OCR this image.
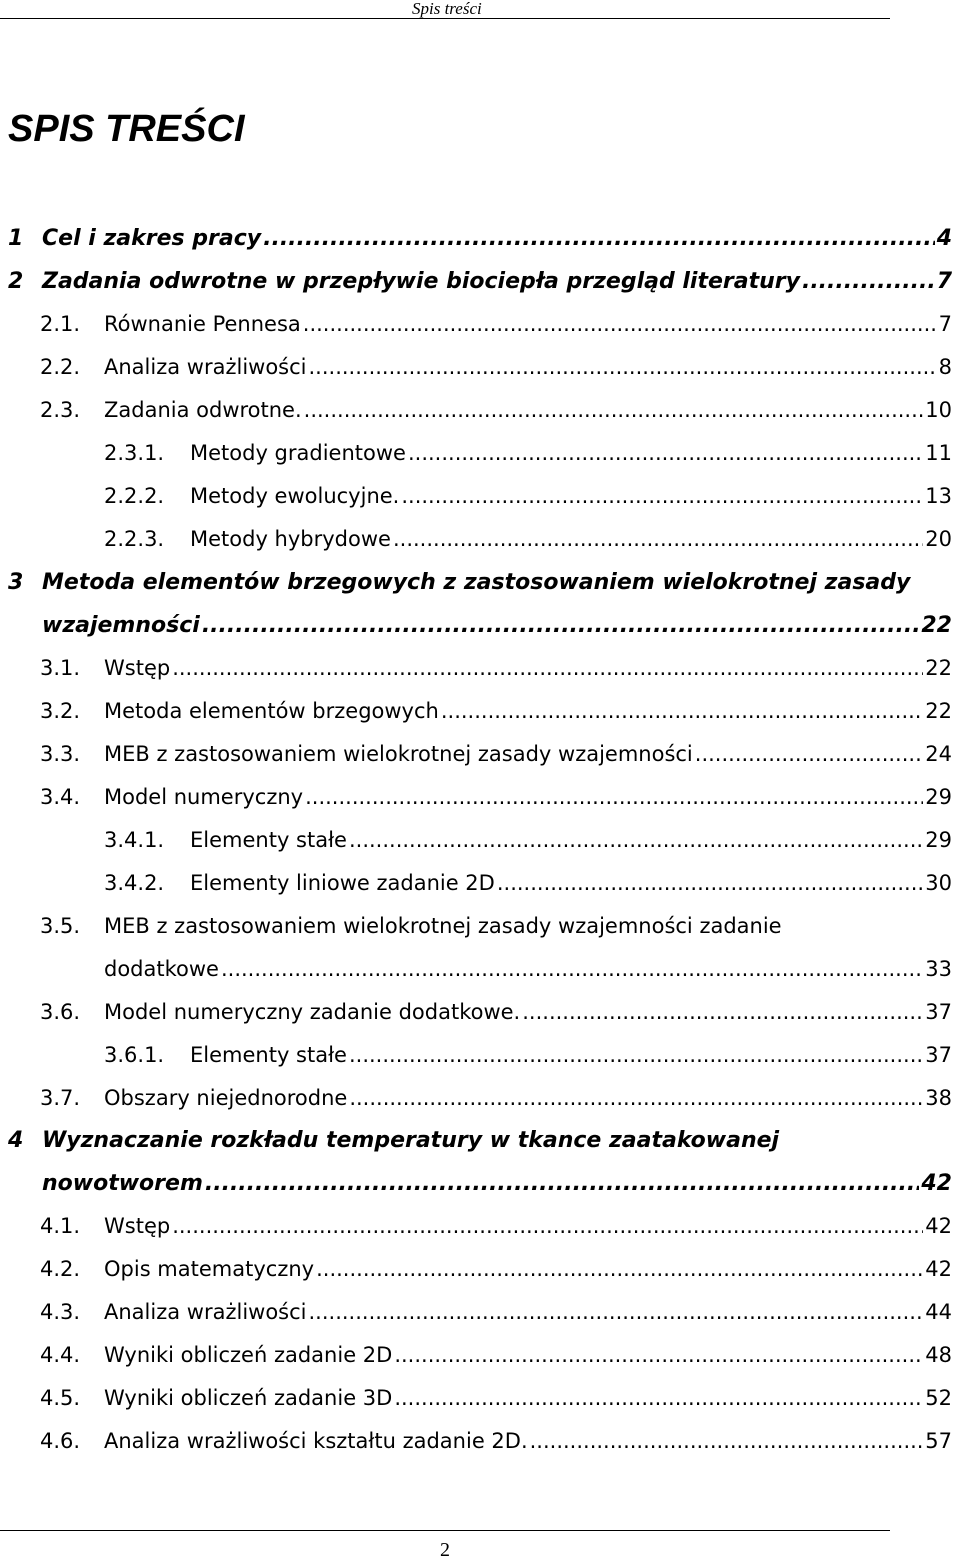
Spis treści
SPIS TREŚCI
1 Cel i zakres pracy .....	4
2 Zadania odwrotne w przepływie biociepła przegląd literatury .....	7
2.1.	Równanie Pennesa .....	7
2.2.	Analiza wrażliwości .....	8
2.3.	Zadania odwrotne. .....	10
2.3.1.	Metody gradientowe .....	11
2.2.2.	Metody ewolucyjne. .....	13
2.2.3.	Metody hybrydowe .....	20
3 Metoda elementów brzegowych z zastosowaniem wielokrotnej zasady
wzajemności .....	22
3.1.	Wstęp .....	22
3.2.	Metoda elementów brzegowych .....	22
3.3.	MEB z zastosowaniem wielokrotnej zasady wzajemności .....	24
3.4.	Model numeryczny .....	29
3.4.1.	Elementy stałe .....	29
3.4.2.	Elementy liniowe zadanie 2D .....	30
3.5. MEB z zastosowaniem wielokrotnej zasady wzajemności zadanie
dodatkowe .....	33
3.6.	Model numeryczny zadanie dodatkowe. .....	37
3.6.1.	Elementy stałe .....	37
3.7.	Obszary niejednorodne .....	38
4 Wyznaczanie rozkładu temperatury w tkance zaatakowanej
nowotworem .....	42
4.1.	Wstęp .....	42
4.2.	Opis matematyczny .....	42
4.3.	Analiza wrażliwości .....	44
4.4.	Wyniki obliczeń zadanie 2D .....	48
4.5.	Wyniki obliczeń zadanie 3D .....	52
4.6.	Analiza wrażliwości kształtu zadanie 2D. .....	57
2
